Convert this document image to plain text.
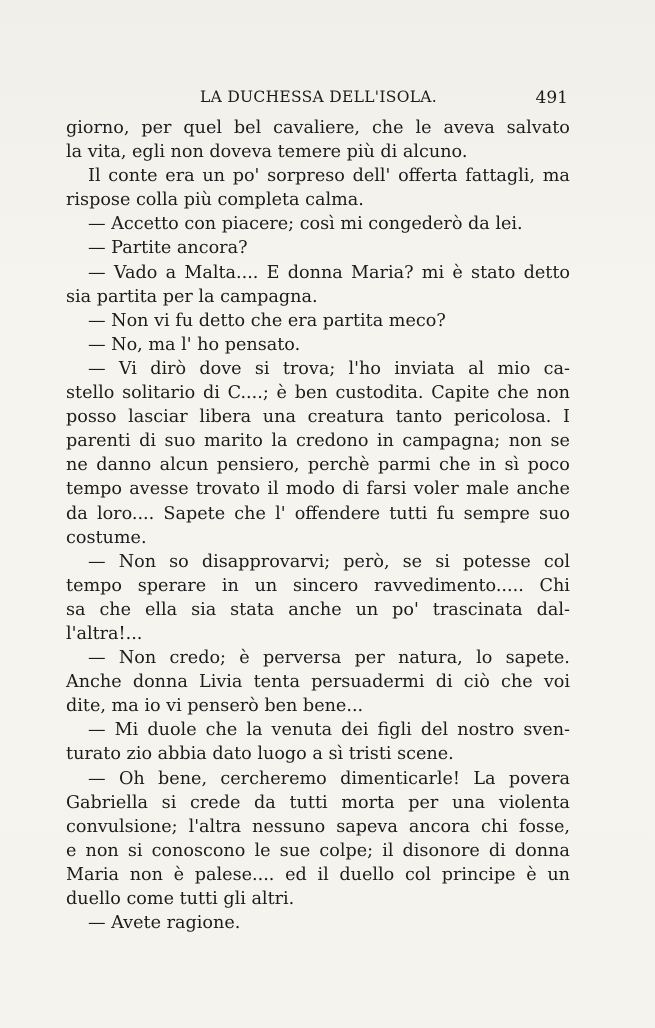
LA DUCHESSA DELL'ISOLA.	491
giorno, per quel bel cavaliere, che le aveva salvato
la vita, egli non doveva temere più di alcuno.
Il conte era un po' sorpreso dell' offerta fattagli, ma
rispose colla più completa calma.
— Accetto con piacere; così mi congederò da lei.
— Partite ancora?
— Vado a Malta.... E donna Maria? mi è stato detto
sia partita per la campagna.
— Non vi fu detto che era partita meco?
— No, ma l' ho pensato.
— Vi dirò dove si trova; l'ho inviata al mio ca-
stello solitario di C....; è ben custodita. Capite che non
posso lasciar libera una creatura tanto pericolosa. I
parenti di suo marito la credono in campagna; non se
ne danno alcun pensiero, perchè parmi che in sì poco
tempo avesse trovato il modo di farsi voler male anche
da loro.... Sapete che l' offendere tutti fu sempre suo
costume.
— Non so disapprovarvi; però, se si potesse col
tempo sperare in un sincero ravvedimento..... Chi
sa che ella sia stata anche un po' trascinata dal-
l'altra!...
— Non credo; è perversa per natura, lo sapete.
Anche donna Livia tenta persuadermi di ciò che voi
dite, ma io vi penserò ben bene...
— Mi duole che la venuta dei figli del nostro sven-
turato zio abbia dato luogo a sì tristi scene.
— Oh bene, cercheremo dimenticarle! La povera
Gabriella si crede da tutti morta per una violenta
convulsione; l'altra nessuno sapeva ancora chi fosse,
e non si conoscono le sue colpe; il disonore di donna
Maria non è palese.... ed il duello col principe è un
duello come tutti gli altri.
— Avete ragione.
